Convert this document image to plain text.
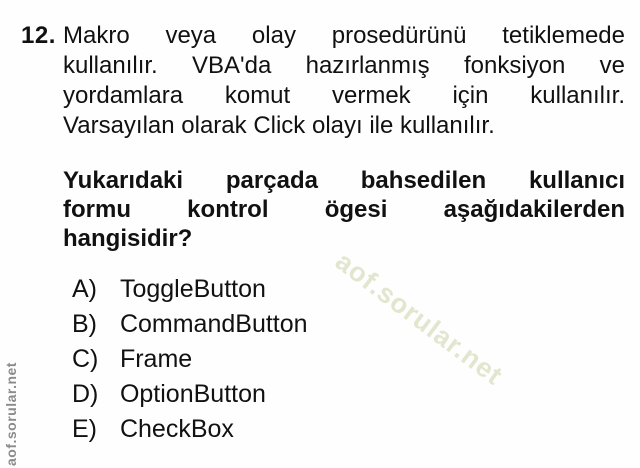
aof.sorular.net
aof.sorular.net
12. Makro veya olay prosedürünü tetiklemede
kullanılır. VBA'da hazırlanmış fonksiyon ve
yordamlara komut vermek için kullanılır.
Varsayılan olarak Click olayı ile kullanılır.
Yukarıdaki parçada bahsedilen kullanıcı
formu kontrol ögesi aşağıdakilerden
hangisidir?
A) ToggleButton
B) CommandButton
C) Frame
D) OptionButton
E) CheckBox
